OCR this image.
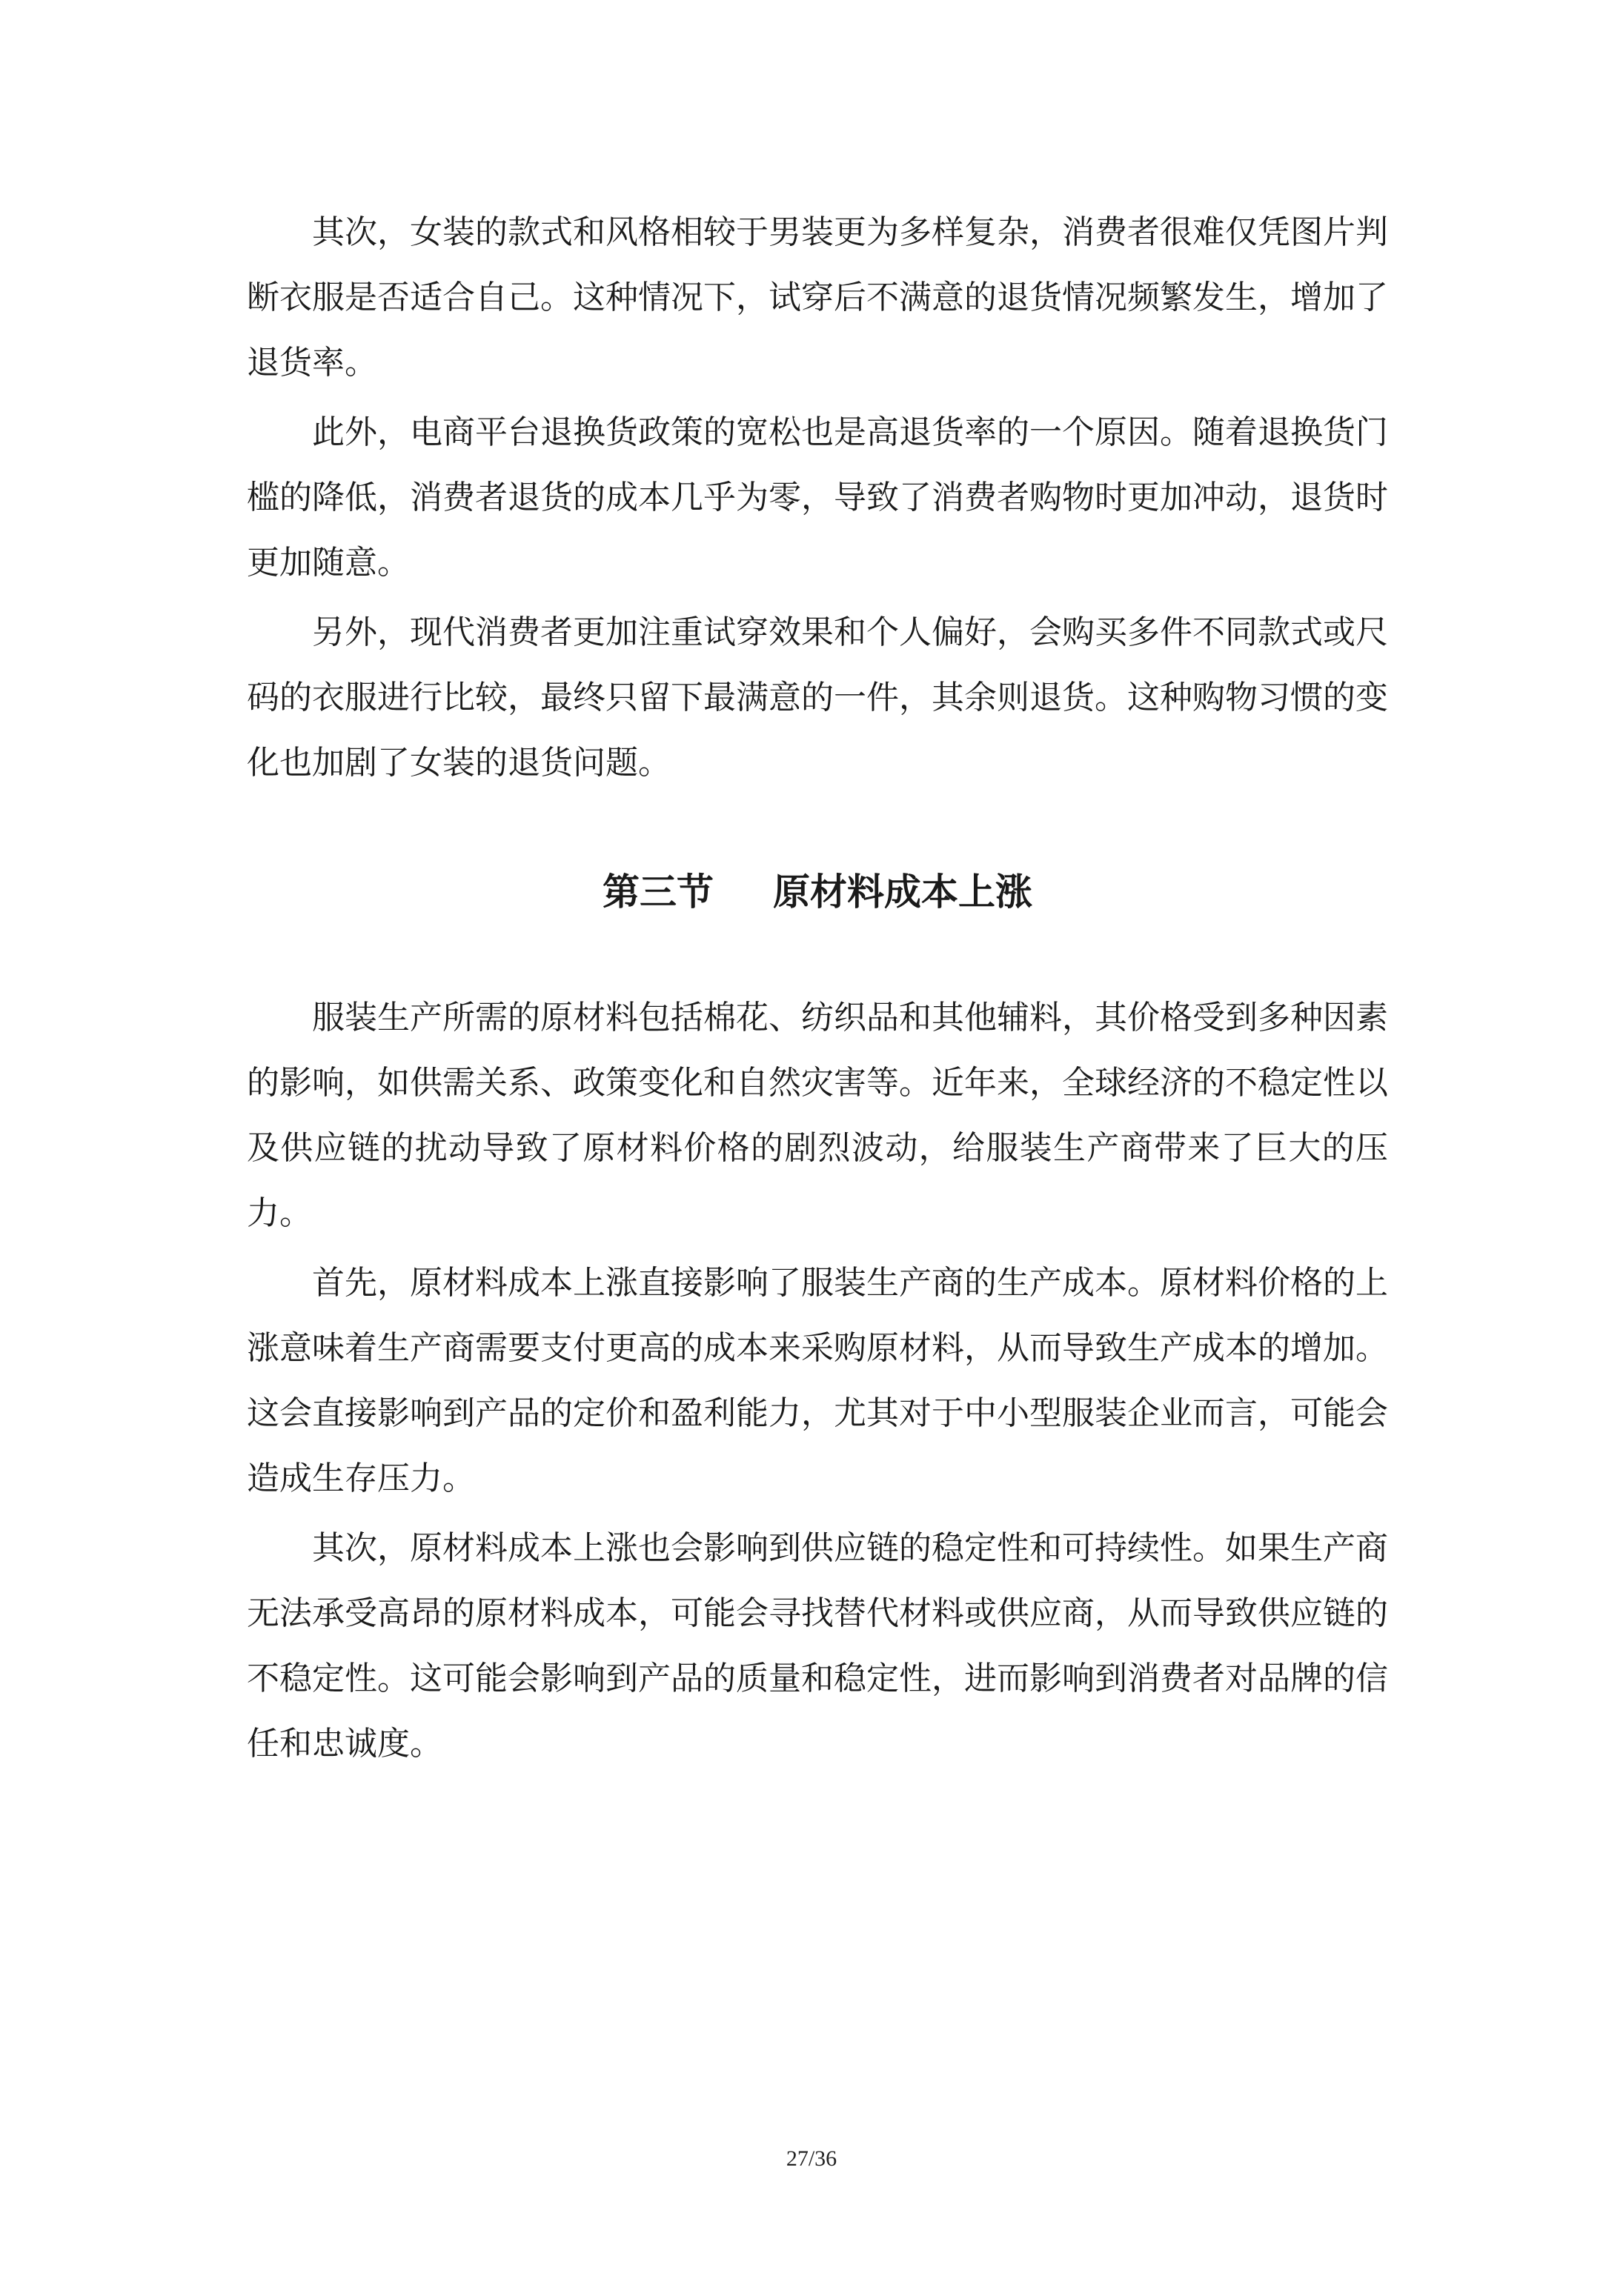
其次，女装的款式和风格相较于男装更为多样复杂，消费者很难仅凭图片判断衣服是否适合自己。这种情况下，试穿后不满意的退货情况频繁发生，增加了退货率。

此外，电商平台退换货政策的宽松也是高退货率的一个原因。随着退换货门槛的降低，消费者退货的成本几乎为零，导致了消费者购物时更加冲动，退货时更加随意。

另外，现代消费者更加注重试穿效果和个人偏好，会购买多件不同款式或尺码的衣服进行比较，最终只留下最满意的一件，其余则退货。这种购物习惯的变化也加剧了女装的退货问题。

第三节 原材料成本上涨

服装生产所需的原材料包括棉花、纺织品和其他辅料，其价格受到多种因素的影响，如供需关系、政策变化和自然灾害等。近年来，全球经济的不稳定性以及供应链的扰动导致了原材料价格的剧烈波动，给服装生产商带来了巨大的压力。

首先，原材料成本上涨直接影响了服装生产商的生产成本。原材料价格的上涨意味着生产商需要支付更高的成本来采购原材料，从而导致生产成本的增加。这会直接影响到产品的定价和盈利能力，尤其对于中小型服装企业而言，可能会造成生存压力。

其次，原材料成本上涨也会影响到供应链的稳定性和可持续性。如果生产商无法承受高昂的原材料成本，可能会寻找替代材料或供应商，从而导致供应链的不稳定性。这可能会影响到产品的质量和稳定性，进而影响到消费者对品牌的信任和忠诚度。

27/36
